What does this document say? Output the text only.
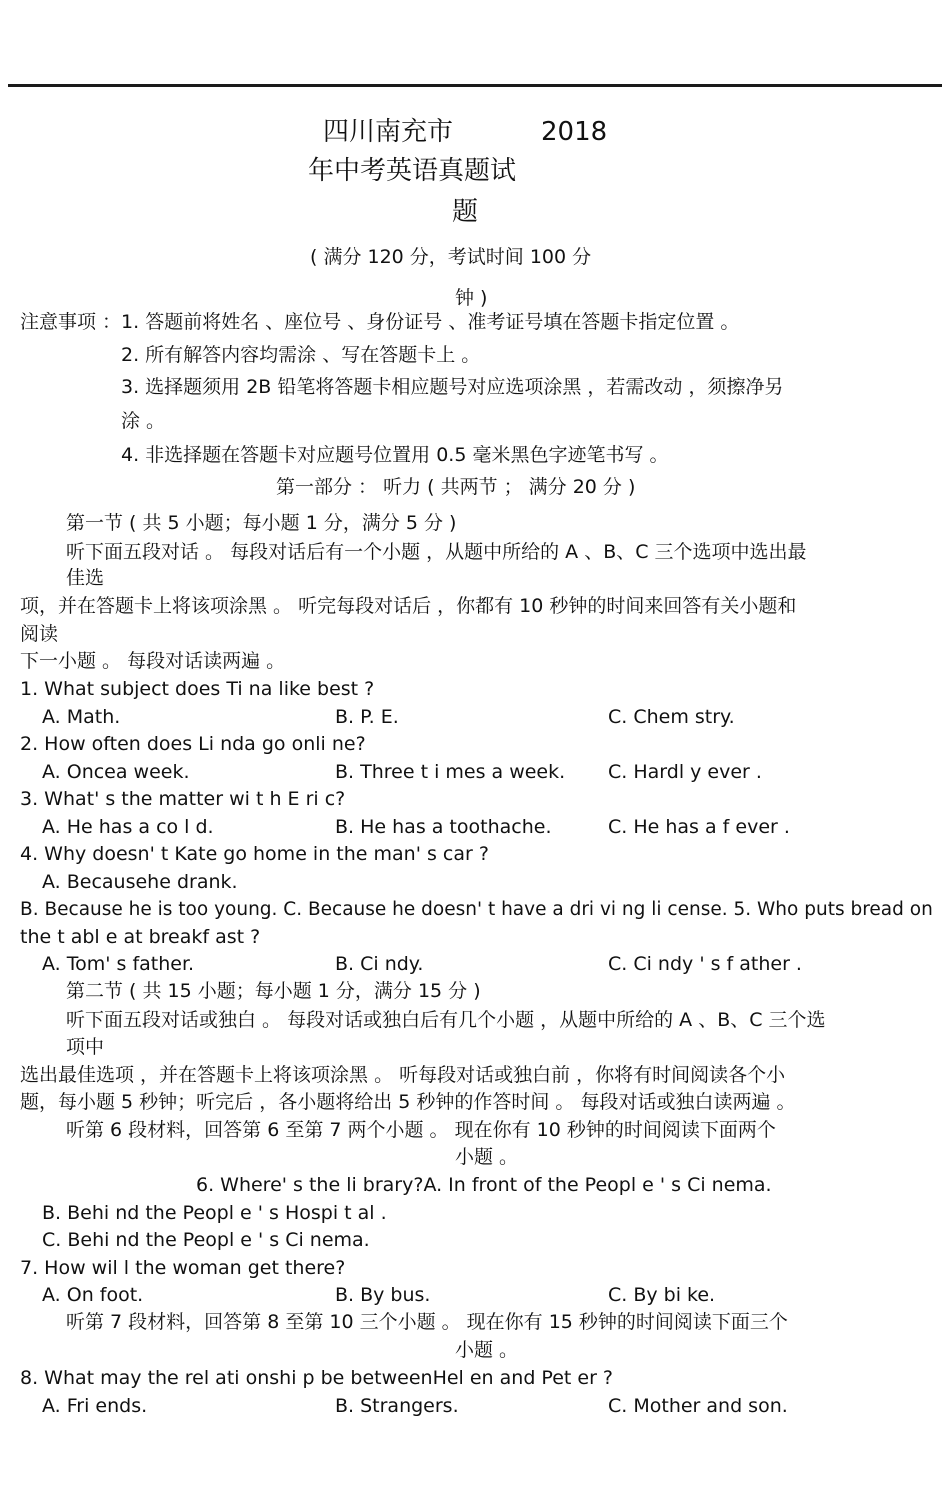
四川南充市	2018
年中考英语真题试
题
( 满分 120 分，考试时间 100 分
钟 )
注意事项 ：1. 答题前将姓名 、座位号 、身份证号 、准考证号填在答题卡指定位置 。
2. 所有解答内容均需涂 、写在答题卡上 。
3. 选择题须用 2B 铅笔将答题卡相应题号对应选项涂黑 ，若需改动 ，须擦净另
涂 。
4. 非选择题在答题卡对应题号位置用 0.5 毫米黑色字迹笔书写 。
第一部分 ： 听力 ( 共两节 ； 满分 20 分 )
第一节 ( 共 5 小题；每小题 1 分，满分 5 分 )
听下面五段对话 。 每段对话后有一个小题 ，从题中所给的 A 、B、C 三个选项中选出最
佳选
项，并在答题卡上将该项涂黑 。 听完每段对话后 ，你都有 10 秒钟的时间来回答有关小题和
阅读
下一小题 。 每段对话读两遍 。
1. What subject does Ti na like best ?
A. Math.	B. P. E.	C. Chem stry.
2. How often does Li nda go onli ne?
A. Oncea week.	B. Three t i mes a week. C. Hardl y ever .
3. What' s the matter wi t h E ri c?
A. He has a co l d.	B. He has a toothache.	C. He has a f ever .
4. Why doesn' t Kate go home in the man' s car ?
A. Becausehe drank.
B. Because he is too young. C. Because he doesn' t have a dri vi ng li cense. 5. Who puts bread on
the t abl e at breakf ast ?
A. Tom' s father.	B. Ci ndy.	C. Ci ndy ' s f ather .
第二节 ( 共 15 小题；每小题 1 分，满分 15 分 )
听下面五段对话或独白 。 每段对话或独白后有几个小题 ，从题中所给的 A 、B、C 三个选
项中
选出最佳选项 ，并在答题卡上将该项涂黑 。 听每段对话或独白前 ，你将有时间阅读各个小
题，每小题 5 秒钟；听完后 ，各小题将给出 5 秒钟的作答时间 。 每段对话或独白读两遍 。
听第 6 段材料，回答第 6 至第 7 两个小题 。 现在你有 10 秒钟的时间阅读下面两个
小题 。
6. Where' s the li brary?A. In front of the Peopl e ' s Ci nema.
B. Behi nd the Peopl e ' s Hospi t al .
C. Behi nd the Peopl e ' s Ci nema.
7. How wil l the woman get there?
A. On foot.	B. By bus.	C. By bi ke.
听第 7 段材料，回答第 8 至第 10 三个小题 。 现在你有 15 秒钟的时间阅读下面三个
小题 。
8. What may the rel ati onshi p be betweenHel en and Pet er ?
A. Fri ends.	B. Strangers.	C. Mother and son.
